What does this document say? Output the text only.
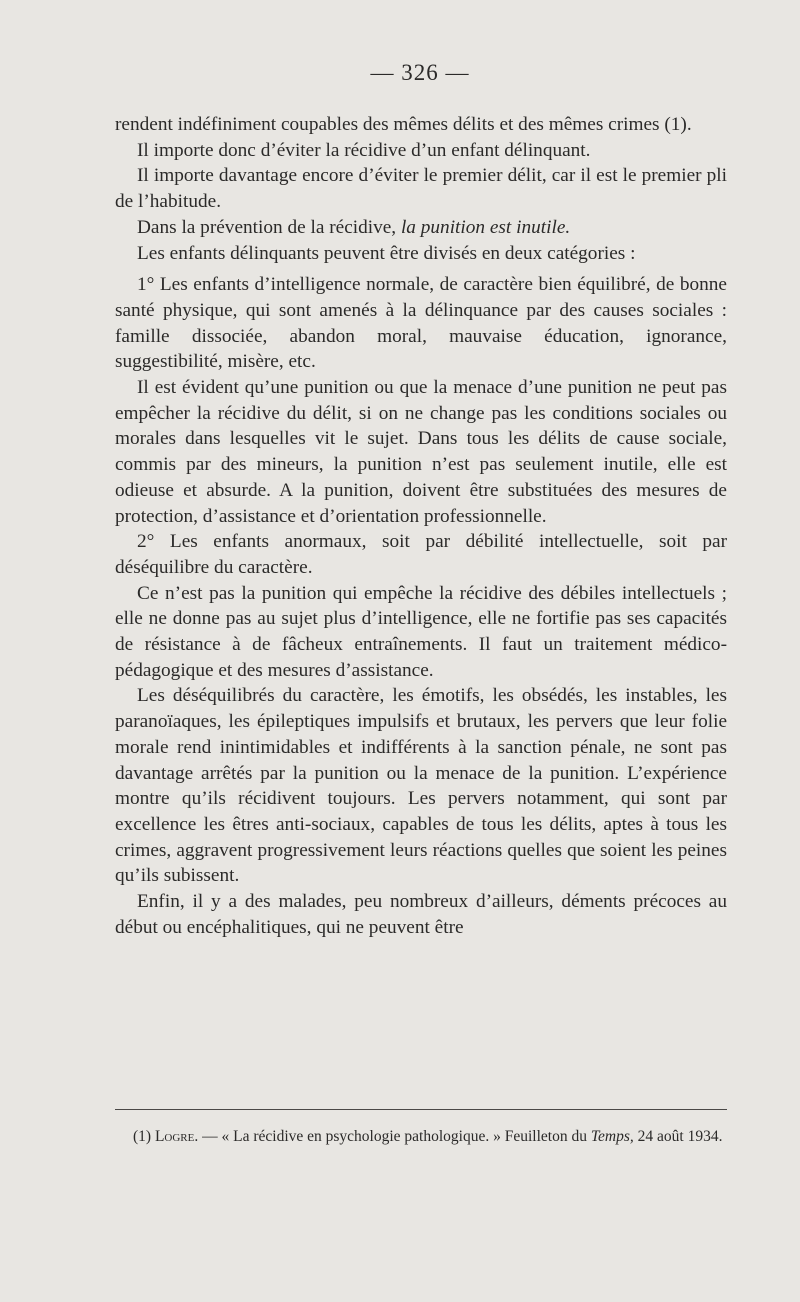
— 326 —

rendent indéfiniment coupables des mêmes délits et des mêmes crimes (1).

Il importe donc d’éviter la récidive d’un enfant délinquant.

Il importe davantage encore d’éviter le premier délit, car il est le premier pli de l’habitude.

Dans la prévention de la récidive, la punition est inutile.

Les enfants délinquants peuvent être divisés en deux catégories :

1° Les enfants d’intelligence normale, de caractère bien équilibré, de bonne santé physique, qui sont amenés à la délinquance par des causes sociales : famille dissociée, abandon moral, mauvaise éducation, ignorance, suggestibilité, misère, etc.

Il est évident qu’une punition ou que la menace d’une punition ne peut pas empêcher la récidive du délit, si on ne change pas les conditions sociales ou morales dans lesquelles vit le sujet. Dans tous les délits de cause sociale, commis par des mineurs, la punition n’est pas seulement inutile, elle est odieuse et absurde. A la punition, doivent être substituées des mesures de protection, d’assistance et d’orientation professionnelle.

2° Les enfants anormaux, soit par débilité intellectuelle, soit par déséquilibre du caractère.

Ce n’est pas la punition qui empêche la récidive des débiles intellectuels ; elle ne donne pas au sujet plus d’intelligence, elle ne fortifie pas ses capacités de résistance à de fâcheux entraînements. Il faut un traitement médico-pédagogique et des mesures d’assistance.

Les déséquilibrés du caractère, les émotifs, les obsédés, les instables, les paranoïaques, les épileptiques impulsifs et brutaux, les pervers que leur folie morale rend inintimidables et indifférents à la sanction pénale, ne sont pas davantage arrêtés par la punition ou la menace de la punition. L’expérience montre qu’ils récidivent toujours. Les pervers notamment, qui sont par excellence les êtres anti-sociaux, capables de tous les délits, aptes à tous les crimes, aggravent progressivement leurs réactions quelles que soient les peines qu’ils subissent.

Enfin, il y a des malades, peu nombreux d’ailleurs, déments précoces au début ou encéphalitiques, qui ne peuvent être

(1) Logre. — « La récidive en psychologie pathologique. » Feuilleton du Temps, 24 août 1934.
